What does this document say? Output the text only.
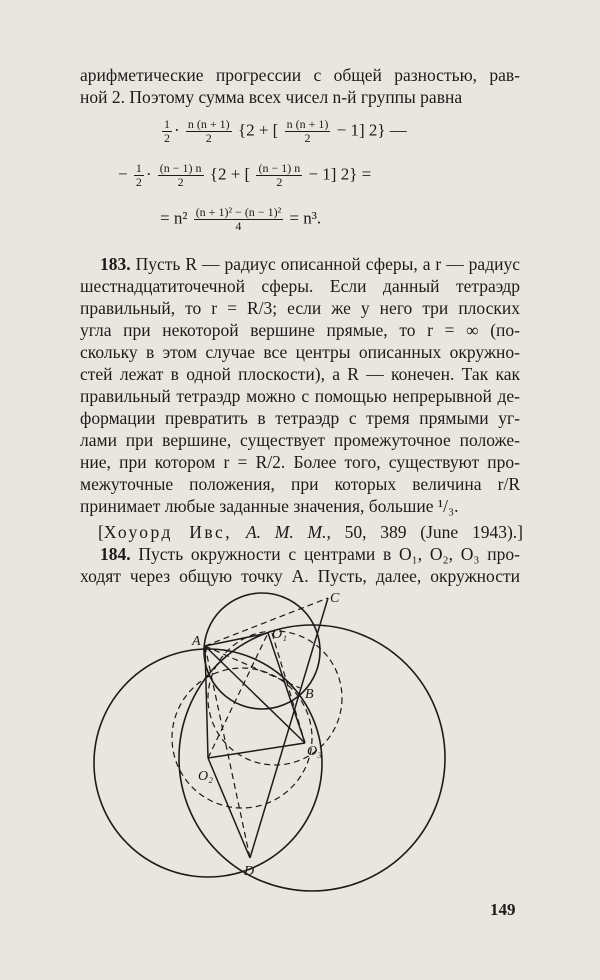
арифметические прогрессии с общей разностью, рав-
ной 2. Поэтому сумма всех чисел n-й группы равна
$\frac{1}{2} \cdot \frac{n (n + 1)}{2} \{2$ + [ $\frac{n (n + 1)}{2} - 1$] 2} —
− $\frac{1}{2} \cdot \frac{(n - 1) n}{2} \{2$ + [ $\frac{(n - 1) n}{2} - 1$] 2} =
= $n^2 \frac{\text{(n + 1)² − (n − 1)²}}{4} = n^3$.
183. Пусть R — радиус описанной сферы, а r — радиус
шестнадцатиточечной сферы. Если данный тетраэдр
правильный, то r = R/3; если же у него три плоских
угла при некоторой вершине прямые, то r = ∞ (по-
скольку в этом случае все центры описанных окружно-
стей лежат в одной плоскости), а R — конечен. Так как
правильный тетраэдр можно с помощью непрерывной де-
формации превратить в тетраэдр с тремя прямыми уг-
лами при вершине, существует промежуточное положе-
ние, при котором r = R/2. Более того, существуют про-
межуточные положения, при которых величина r/R
принимает любые заданные значения, большие ¹/₃.
[Хоуорд Ивс, A. M. M., 50, 389 (June 1943).]
184. Пусть окружности с центрами в O₁, O₂, O₃ про-
ходят через общую точку A. Пусть, далее, окружности
A
B
C
D
O₁
O₂
O₃
149
